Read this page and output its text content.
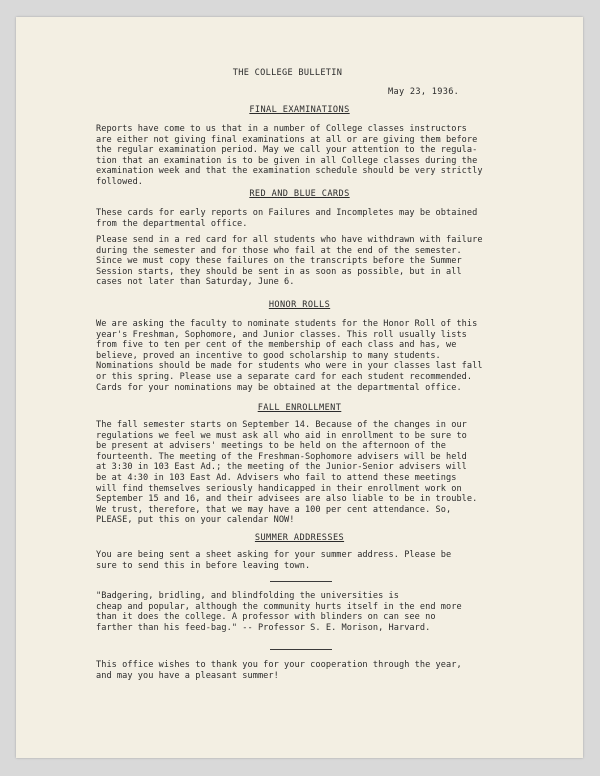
THE COLLEGE BULLETIN
May 23, 1936.
FINAL EXAMINATIONS
Reports have come to us that in a number of College classes instructors
are either not giving final examinations at all or are giving them before
the regular examination period. May we call your attention to the regula-
tion that an examination is to be given in all College classes during the
examination week and that the examination schedule should be very strictly
followed.
RED AND BLUE CARDS
These cards for early reports on Failures and Incompletes may be obtained
from the departmental office.
Please send in a red card for all students who have withdrawn with failure
during the semester and for those who fail at the end of the semester.
Since we must copy these failures on the transcripts before the Summer
Session starts, they should be sent in as soon as possible, but in all
cases not later than Saturday, June 6.
HONOR ROLLS
We are asking the faculty to nominate students for the Honor Roll of this
year's Freshman, Sophomore, and Junior classes. This roll usually lists
from five to ten per cent of the membership of each class and has, we
believe, proved an incentive to good scholarship to many students.
Nominations should be made for students who were in your classes last fall
or this spring. Please use a separate card for each student recommended.
Cards for your nominations may be obtained at the departmental office.
FALL ENROLLMENT
The fall semester starts on September 14. Because of the changes in our
regulations we feel we must ask all who aid in enrollment to be sure to
be present at advisers' meetings to be held on the afternoon of the
fourteenth. The meeting of the Freshman-Sophomore advisers will be held
at 3:30 in 103 East Ad.; the meeting of the Junior-Senior advisers will
be at 4:30 in 103 East Ad. Advisers who fail to attend these meetings
will find themselves seriously handicapped in their enrollment work on
September 15 and 16, and their advisees are also liable to be in trouble.
We trust, therefore, that we may have a 100 per cent attendance. So,
PLEASE, put this on your calendar NOW!
SUMMER ADDRESSES
You are being sent a sheet asking for your summer address. Please be
sure to send this in before leaving town.
"Badgering, bridling, and blindfolding the universities is
cheap and popular, although the community hurts itself in the end more
than it does the college. A professor with blinders on can see no
farther than his feed-bag." -- Professor S. E. Morison, Harvard.
This office wishes to thank you for your cooperation through the year,
and may you have a pleasant summer!
